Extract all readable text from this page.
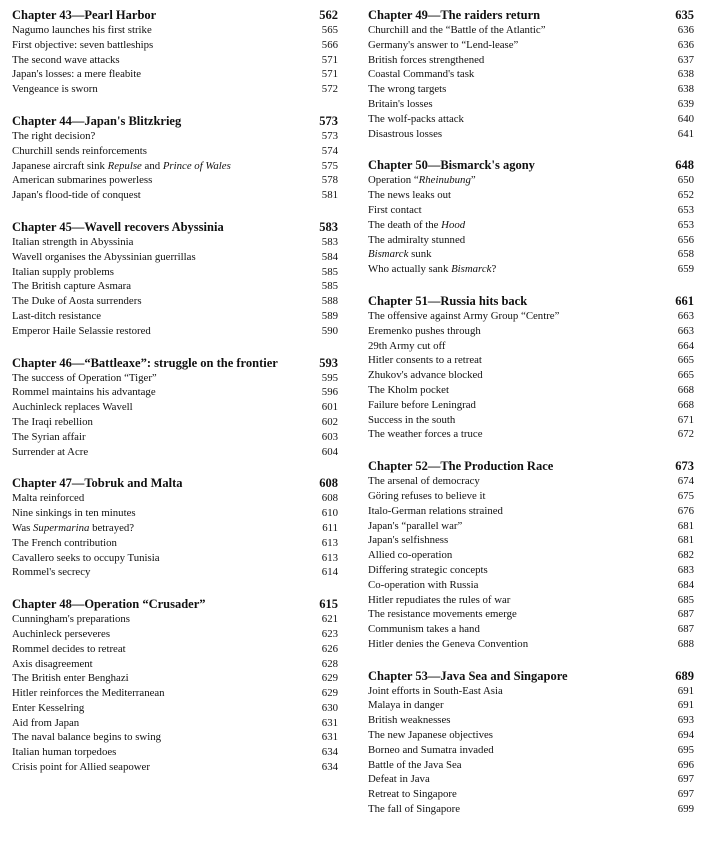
Chapter 43—Pearl Harbor	562
Nagumo launches his first strike	565
First objective: seven battleships	566
The second wave attacks	571
Japan's losses: a mere fleabite	571
Vengeance is sworn	572
Chapter 44—Japan's Blitzkrieg	573
The right decision?	573
Churchill sends reinforcements	574
Japanese aircraft sink Repulse and Prince of Wales	575
American submarines powerless	578
Japan's flood-tide of conquest	581
Chapter 45—Wavell recovers Abyssinia	583
Italian strength in Abyssinia	583
Wavell organises the Abyssinian guerrillas	584
Italian supply problems	585
The British capture Asmara	585
The Duke of Aosta surrenders	588
Last-ditch resistance	589
Emperor Haile Selassie restored	590
Chapter 46—“Battleaxe”: struggle on the frontier	593
The success of Operation “Tiger”	595
Rommel maintains his advantage	596
Auchinleck replaces Wavell	601
The Iraqi rebellion	602
The Syrian affair	603
Surrender at Acre	604
Chapter 47—Tobruk and Malta	608
Malta reinforced	608
Nine sinkings in ten minutes	610
Was Supermarina betrayed?	611
The French contribution	613
Cavallero seeks to occupy Tunisia	613
Rommel's secrecy	614
Chapter 48—Operation “Crusader”	615
Cunningham's preparations	621
Auchinleck perseveres	623
Rommel decides to retreat	626
Axis disagreement	628
The British enter Benghazi	629
Hitler reinforces the Mediterranean	629
Enter Kesselring	630
Aid from Japan	631
The naval balance begins to swing	631
Italian human torpedoes	634
Crisis point for Allied seapower	634
Chapter 49—The raiders return	635
Churchill and the “Battle of the Atlantic”	636
Germany's answer to “Lend-lease”	636
British forces strengthened	637
Coastal Command's task	638
The wrong targets	638
Britain's losses	639
The wolf-packs attack	640
Disastrous losses	641
Chapter 50—Bismarck's agony	648
Operation “Rheinubung”	650
The news leaks out	652
First contact	653
The death of the Hood	653
The admiralty stunned	656
Bismarck sunk	658
Who actually sank Bismarck?	659
Chapter 51—Russia hits back	661
The offensive against Army Group “Centre”	663
Eremenko pushes through	663
29th Army cut off	664
Hitler consents to a retreat	665
Zhukov's advance blocked	665
The Kholm pocket	668
Failure before Leningrad	668
Success in the south	671
The weather forces a truce	672
Chapter 52—The Production Race	673
The arsenal of democracy	674
Göring refuses to believe it	675
Italo-German relations strained	676
Japan's “parallel war”	681
Japan's selfishness	681
Allied co-operation	682
Differing strategic concepts	683
Co-operation with Russia	684
Hitler repudiates the rules of war	685
The resistance movements emerge	687
Communism takes a hand	687
Hitler denies the Geneva Convention	688
Chapter 53—Java Sea and Singapore	689
Joint efforts in South-East Asia	691
Malaya in danger	691
British weaknesses	693
The new Japanese objectives	694
Borneo and Sumatra invaded	695
Battle of the Java Sea	696
Defeat in Java	697
Retreat to Singapore	697
The fall of Singapore	699
